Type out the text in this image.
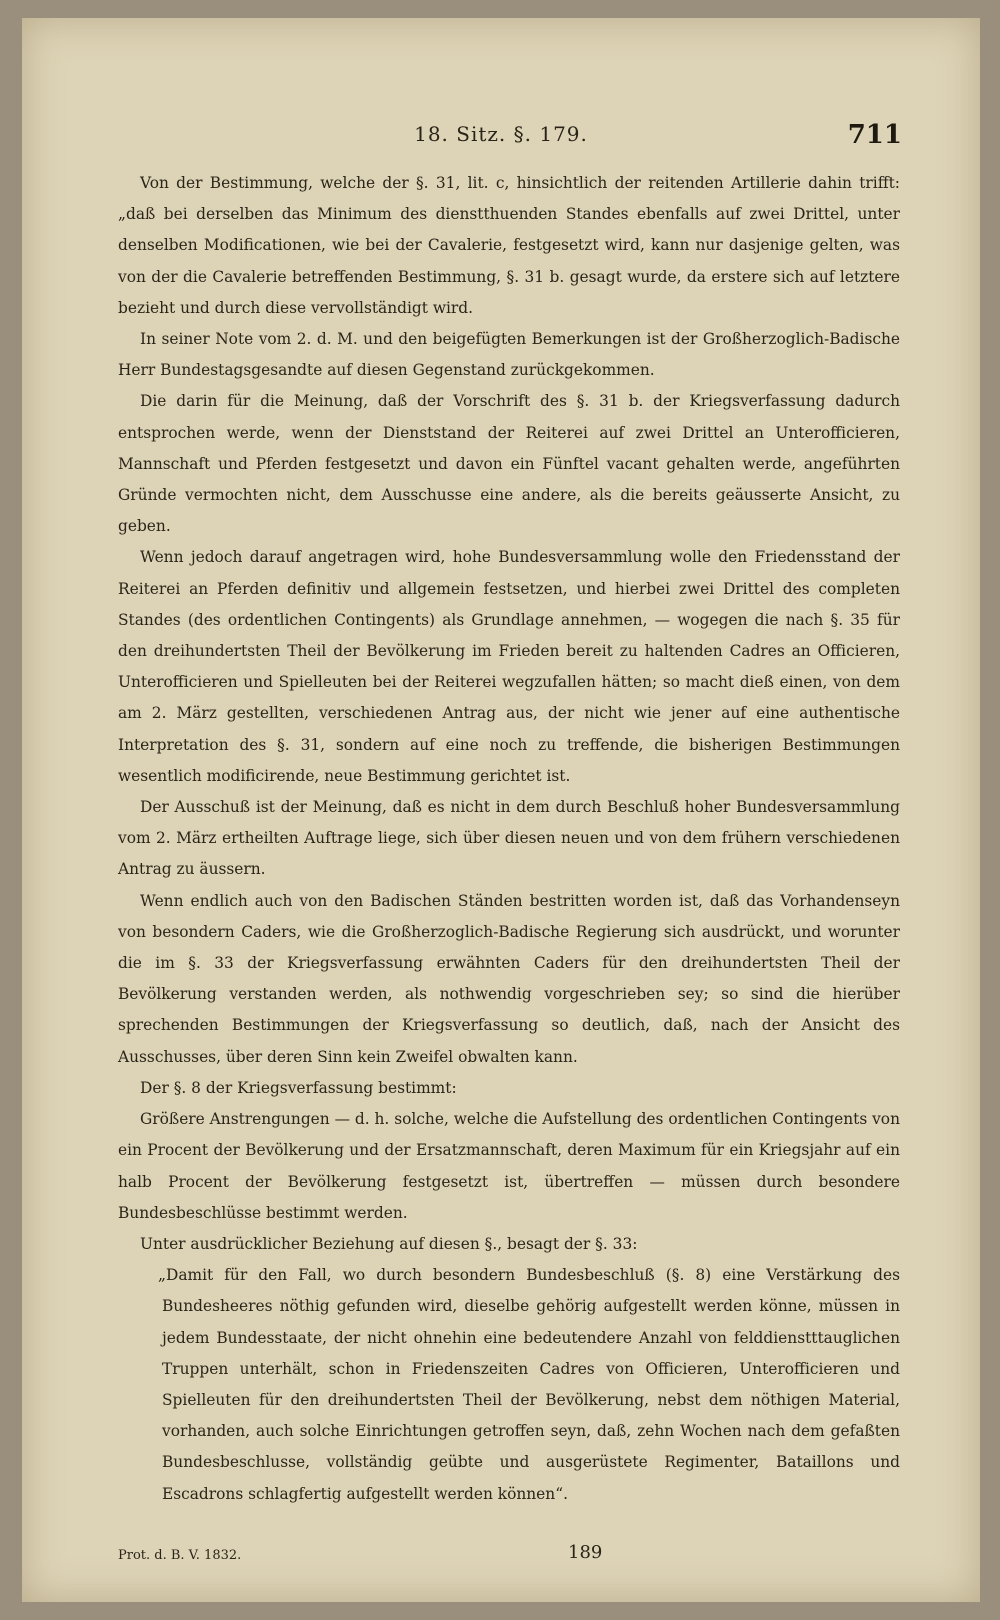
18. Sitz. §. 179.	711

Von der Bestimmung, welche der §. 31, lit. c, hinsichtlich der reitenden Artillerie dahin trifft: „daß bei derselben das Minimum des dienstthuenden Standes ebenfalls auf zwei Drittel, unter denselben Modificationen, wie bei der Cavalerie, festgesetzt wird, kann nur dasjenige gelten, was von der die Cavalerie betreffenden Bestimmung, §. 31 b. gesagt wurde, da erstere sich auf letztere bezieht und durch diese vervollständigt wird.

In seiner Note vom 2. d. M. und den beigefügten Bemerkungen ist der Großherzoglich-Badische Herr Bundestagsgesandte auf diesen Gegenstand zurückgekommen.

Die darin für die Meinung, daß der Vorschrift des §. 31 b. der Kriegsverfassung dadurch entsprochen werde, wenn der Dienststand der Reiterei auf zwei Drittel an Unterofficieren, Mannschaft und Pferden festgesetzt und davon ein Fünftel vacant gehalten werde, angeführten Gründe vermochten nicht, dem Ausschusse eine andere, als die bereits geäusserte Ansicht, zu geben.

Wenn jedoch darauf angetragen wird, hohe Bundesversammlung wolle den Friedensstand der Reiterei an Pferden definitiv und allgemein festsetzen, und hierbei zwei Drittel des completen Standes (des ordentlichen Contingents) als Grundlage annehmen, — wogegen die nach §. 35 für den dreihundertsten Theil der Bevölkerung im Frieden bereit zu haltenden Cadres an Officieren, Unterofficieren und Spielleuten bei der Reiterei wegzufallen hätten; so macht dieß einen, von dem am 2. März gestellten, verschiedenen Antrag aus, der nicht wie jener auf eine authentische Interpretation des §. 31, sondern auf eine noch zu treffende, die bisherigen Bestimmungen wesentlich modificirende, neue Bestimmung gerichtet ist.

Der Ausschuß ist der Meinung, daß es nicht in dem durch Beschluß hoher Bundesversammlung vom 2. März ertheilten Auftrage liege, sich über diesen neuen und von dem frühern verschiedenen Antrag zu äussern.

Wenn endlich auch von den Badischen Ständen bestritten worden ist, daß das Vorhandenseyn von besondern Caders, wie die Großherzoglich-Badische Regierung sich ausdrückt, und worunter die im §. 33 der Kriegsverfassung erwähnten Caders für den dreihundertsten Theil der Bevölkerung verstanden werden, als nothwendig vorgeschrieben sey; so sind die hierüber sprechenden Bestimmungen der Kriegsverfassung so deutlich, daß, nach der Ansicht des Ausschusses, über deren Sinn kein Zweifel obwalten kann.

Der §. 8 der Kriegsverfassung bestimmt:

Größere Anstrengungen — d. h. solche, welche die Aufstellung des ordentlichen Contingents von ein Procent der Bevölkerung und der Ersatzmannschaft, deren Maximum für ein Kriegsjahr auf ein halb Procent der Bevölkerung festgesetzt ist, übertreffen — müssen durch besondere Bundesbeschlüsse bestimmt werden.

Unter ausdrücklicher Beziehung auf diesen §., besagt der §. 33:

„Damit für den Fall, wo durch besondern Bundesbeschluß (§. 8) eine Verstärkung des Bundesheeres nöthig gefunden wird, dieselbe gehörig aufgestellt werden könne, müssen in jedem Bundesstaate, der nicht ohnehin eine bedeutendere Anzahl von felddienstttauglichen Truppen unterhält, schon in Friedenszeiten Cadres von Officieren, Unterofficieren und Spielleuten für den dreihundertsten Theil der Bevölkerung, nebst dem nöthigen Material, vorhanden, auch solche Einrichtungen getroffen seyn, daß, zehn Wochen nach dem gefaßten Bundesbeschlusse, vollständig geübte und ausgerüstete Regimenter, Bataillons und Escadrons schlagfertig aufgestellt werden können“.

Prot. d. B. V. 1832.	189
